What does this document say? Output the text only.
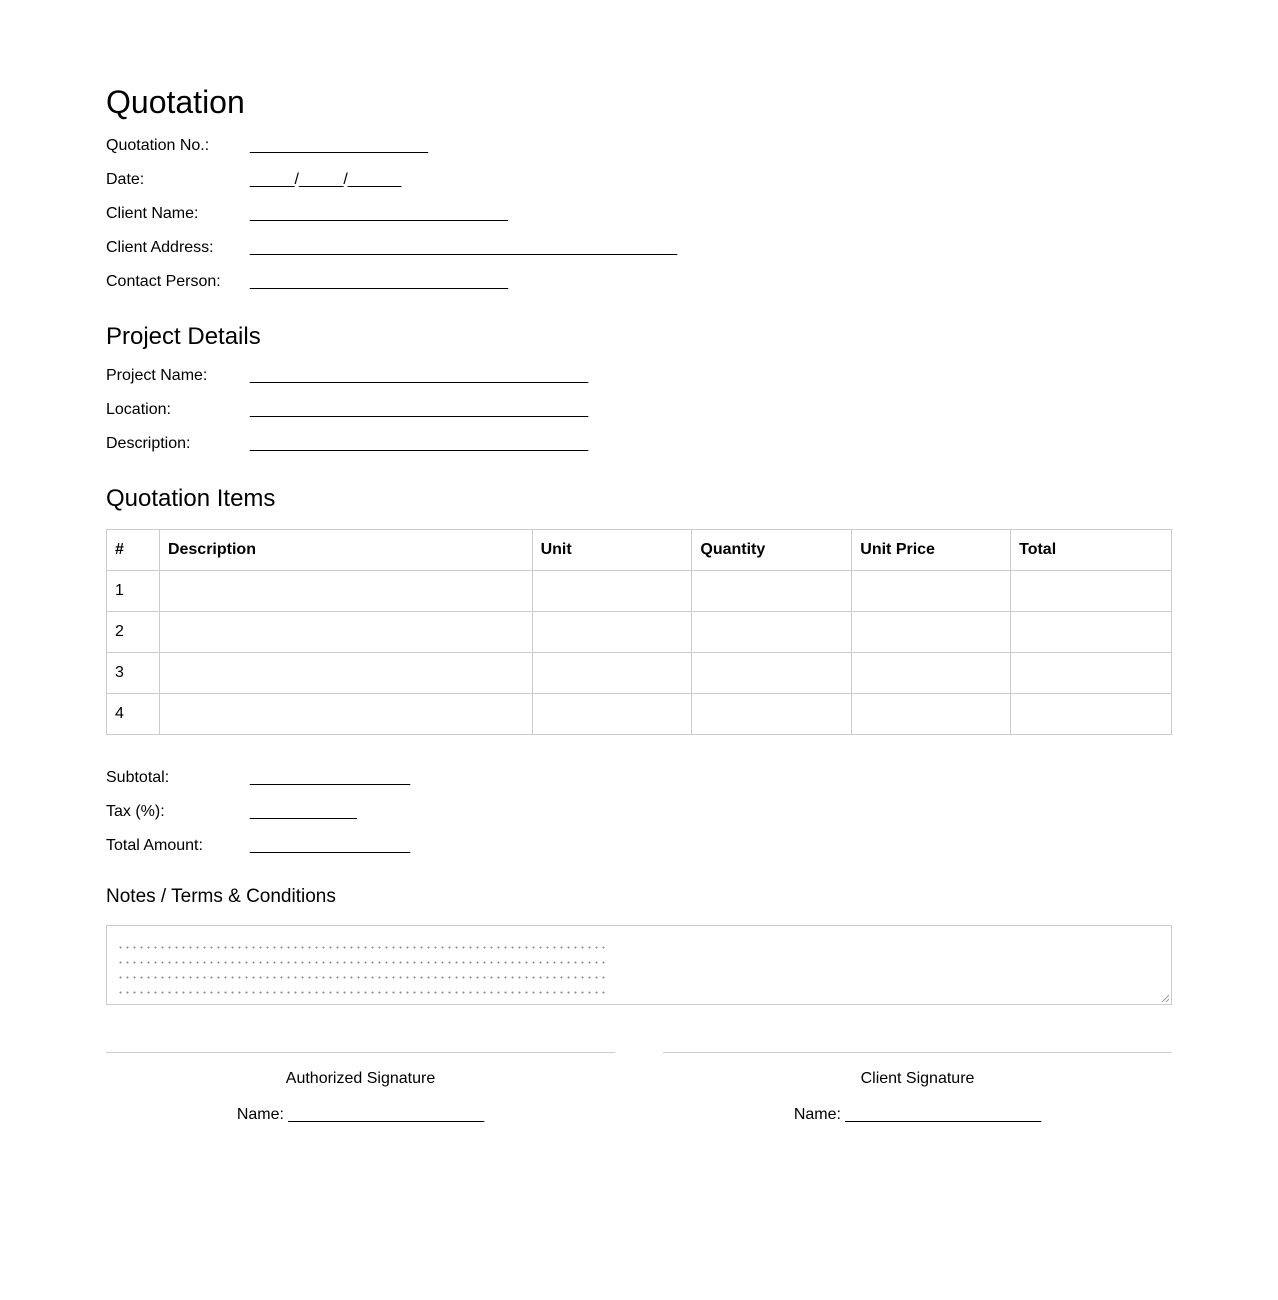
Quotation
Quotation No.:	____________________
Date:	_____/_____/______
Client Name:	_____________________________
Client Address: ________________________________________________
Contact Person: _____________________________
Project Details
Project Name:	______________________________________
Location:	______________________________________
Description:	______________________________________
Quotation Items
#	Description	Unit	Quantity	Unit Price	Total
1					
2					
3					
4					
Subtotal:	__________________
Tax (%):	____________
Total Amount:	__________________
Notes / Terms & Conditions
Authorized Signature
Name: ______________________
Client Signature
Name: ______________________
